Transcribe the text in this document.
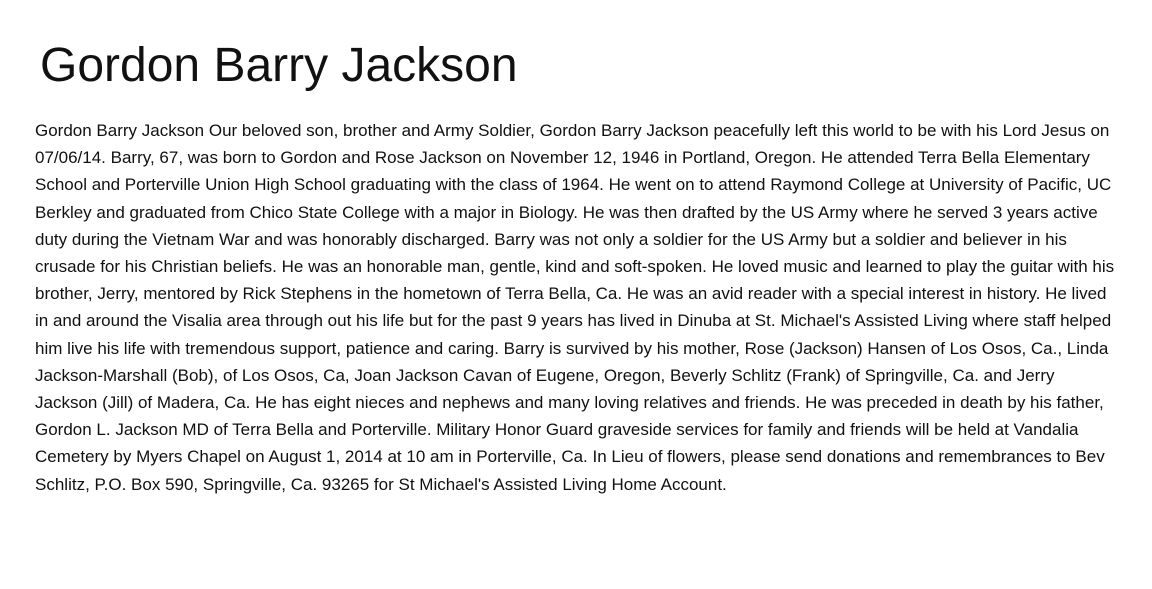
Gordon Barry Jackson

Gordon Barry Jackson Our beloved son, brother and Army Soldier, Gordon Barry Jackson peacefully left this world to be with his Lord Jesus on 07/06/14. Barry, 67, was born to Gordon and Rose Jackson on November 12, 1946 in Portland, Oregon. He attended Terra Bella Elementary School and Porterville Union High School graduating with the class of 1964. He went on to attend Raymond College at University of Pacific, UC Berkley and graduated from Chico State College with a major in Biology. He was then drafted by the US Army where he served 3 years active duty during the Vietnam War and was honorably discharged. Barry was not only a soldier for the US Army but a soldier and believer in his crusade for his Christian beliefs. He was an honorable man, gentle, kind and soft-spoken. He loved music and learned to play the guitar with his brother, Jerry, mentored by Rick Stephens in the hometown of Terra Bella, Ca. He was an avid reader with a special interest in history. He lived in and around the Visalia area through out his life but for the past 9 years has lived in Dinuba at St. Michael's Assisted Living where staff helped him live his life with tremendous support, patience and caring. Barry is survived by his mother, Rose (Jackson) Hansen of Los Osos, Ca., Linda Jackson-Marshall (Bob), of Los Osos, Ca, Joan Jackson Cavan of Eugene, Oregon, Beverly Schlitz (Frank) of Springville, Ca. and Jerry Jackson (Jill) of Madera, Ca. He has eight nieces and nephews and many loving relatives and friends. He was preceded in death by his father, Gordon L. Jackson MD of Terra Bella and Porterville. Military Honor Guard graveside services for family and friends will be held at Vandalia Cemetery by Myers Chapel on August 1, 2014 at 10 am in Porterville, Ca. In Lieu of flowers, please send donations and remembrances to Bev Schlitz, P.O. Box 590, Springville, Ca. 93265 for St Michael's Assisted Living Home Account.
